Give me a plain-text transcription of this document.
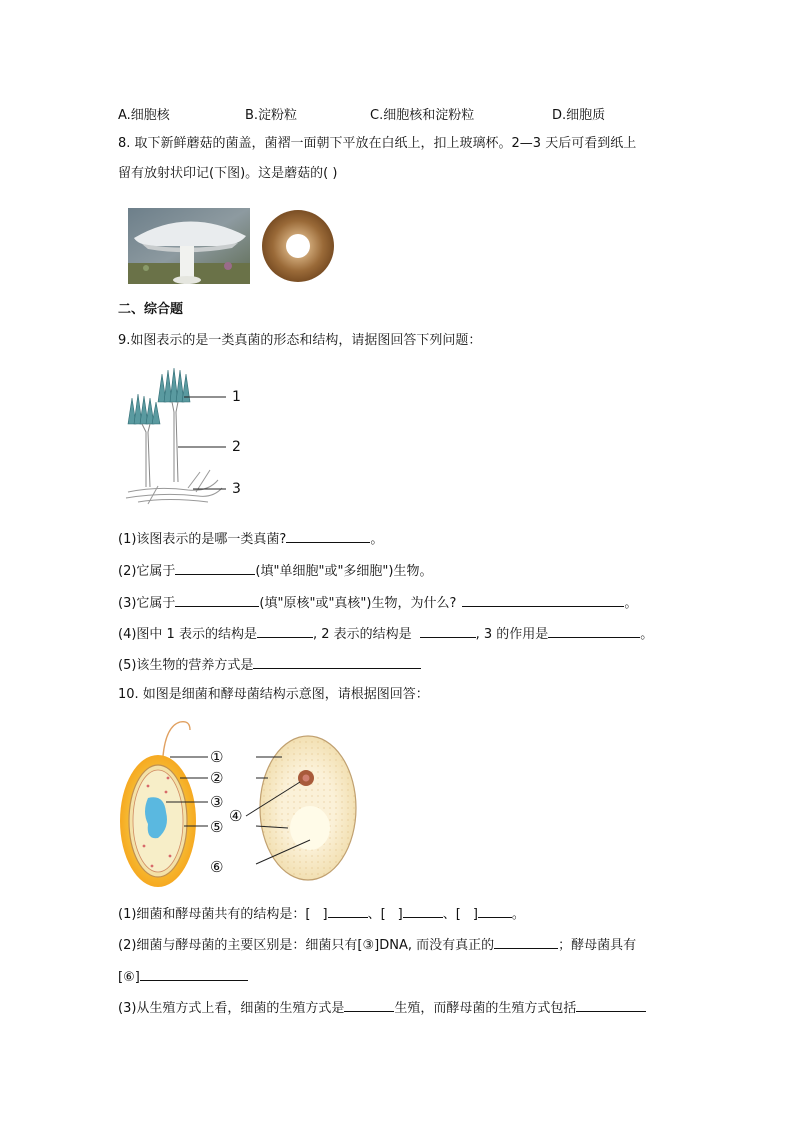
A.细胞核	B.淀粉粒	C.细胞核和淀粉粒	D.细胞质
8. 取下新鲜蘑菇的菌盖，菌褶一面朝下平放在白纸上，扣上玻璃杯。2—3 天后可看到纸上
留有放射状印记(下图)。这是蘑菇的( )
二、综合题
9.如图表示的是一类真菌的形态和结构，请据图回答下列问题：
1
2
3
(1)该图表示的是哪一类真菌?	。
(2)它属于	(填"单细胞"或"多细胞")生物。
(3)它属于	(填"原核"或"真核")生物，为什么?	。
(4)图中 1 表示的结构是	, 2 表示的结构是	, 3 的作用是	。
(5)该生物的营养方式是
10. 如图是细菌和酵母菌结构示意图，请根据图回答：
①
②
③
④
⑤
⑥
(1)细菌和酵母菌共有的结构是：[ ]	、[ ]	、[ ]	。
(2)细菌与酵母菌的主要区别是：细菌只有[③]DNA, 而没有真正的	；酵母菌具有
[⑥]
(3)从生殖方式上看，细菌的生殖方式是	生殖，而酵母菌的生殖方式包括
